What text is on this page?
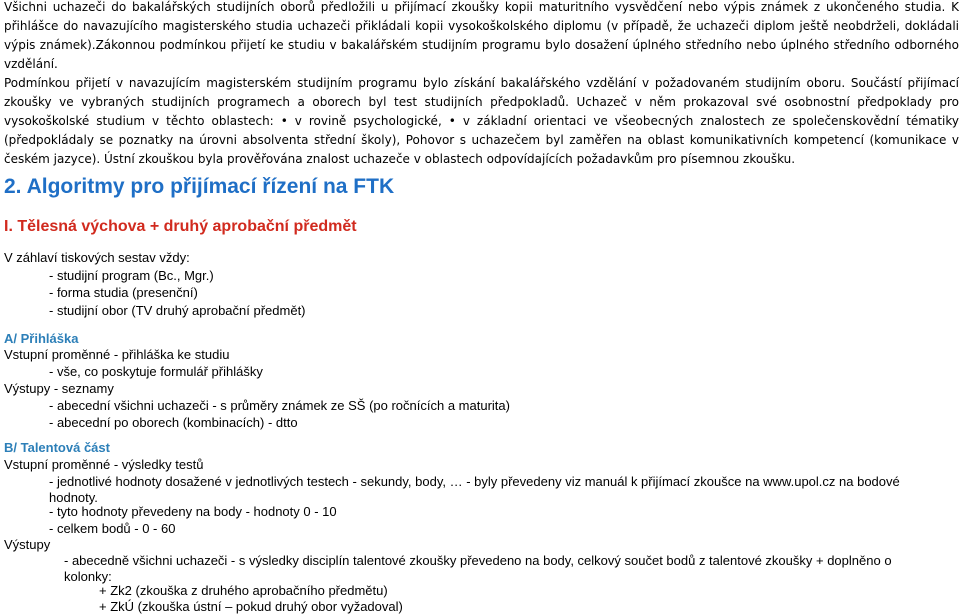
Všichni uchazeči do bakalářských studijních oborů předložili u přijímací zkoušky kopii maturitního vysvědčení nebo výpis známek z ukončeného studia. K přihlášce do navazujícího magisterského studia uchazeči přikládali kopii vysokoškolského diplomu (v případě, že uchazeči diplom ještě neobdrželi, dokládali výpis známek).Zákonnou podmínkou přijetí ke studiu v bakalářském studijním programu bylo dosažení úplného středního nebo úplného středního odborného vzdělání.

Podmínkou přijetí v navazujícím magisterském studijním programu bylo získání bakalářského vzdělání v požadovaném studijním oboru. Součástí přijímací zkoušky ve vybraných studijních programech a oborech byl test studijních předpokladů. Uchazeč v něm prokazoval své osobnostní předpoklady pro vysokoškolské studium v těchto oblastech: • v rovině psychologické, • v základní orientaci ve všeobecných znalostech ze společenskovědní tématiky (předpokládaly se poznatky na úrovni absolventa střední školy), Pohovor s uchazečem byl zaměřen na oblast komunikativních kompetencí (komunikace v českém jazyce). Ústní zkouškou byla prověřována znalost uchazeče v oblastech odpovídajících požadavkům pro písemnou zkoušku.

2. Algoritmy pro přijímací řízení na FTK
I. Tělesná výchova + druhý aprobační předmět
V záhlaví tiskových sestav vždy:
- studijní program (Bc., Mgr.)
- forma studia (presenční)
- studijní obor (TV druhý aprobační předmět)
A/ Přihláška
Vstupní proměnné - přihláška ke studiu
- vše, co poskytuje formulář přihlášky
Výstupy - seznamy
- abecední všichni uchazeči - s průměry známek ze SŠ (po ročnících a maturita)
- abecední po oborech (kombinacích) - dtto
B/ Talentová část
Vstupní proměnné - výsledky testů
- jednotlivé hodnoty dosažené v jednotlivých testech - sekundy, body, … - byly převedeny viz manuál k přijímací zkoušce na www.upol.cz na bodové hodnoty.
- tyto hodnoty převedeny na body - hodnoty 0 - 10
- celkem bodů - 0 - 60
Výstupy
- abecedně všichni uchazeči - s výsledky disciplín talentové zkoušky převedeno na body, celkový součet bodů z talentové zkoušky + doplněno o kolonky:
+ Zk2 (zkouška z druhého aprobačního předmětu)
+ ZkÚ (zkouška ústní – pokud druhý obor vyžadoval)
